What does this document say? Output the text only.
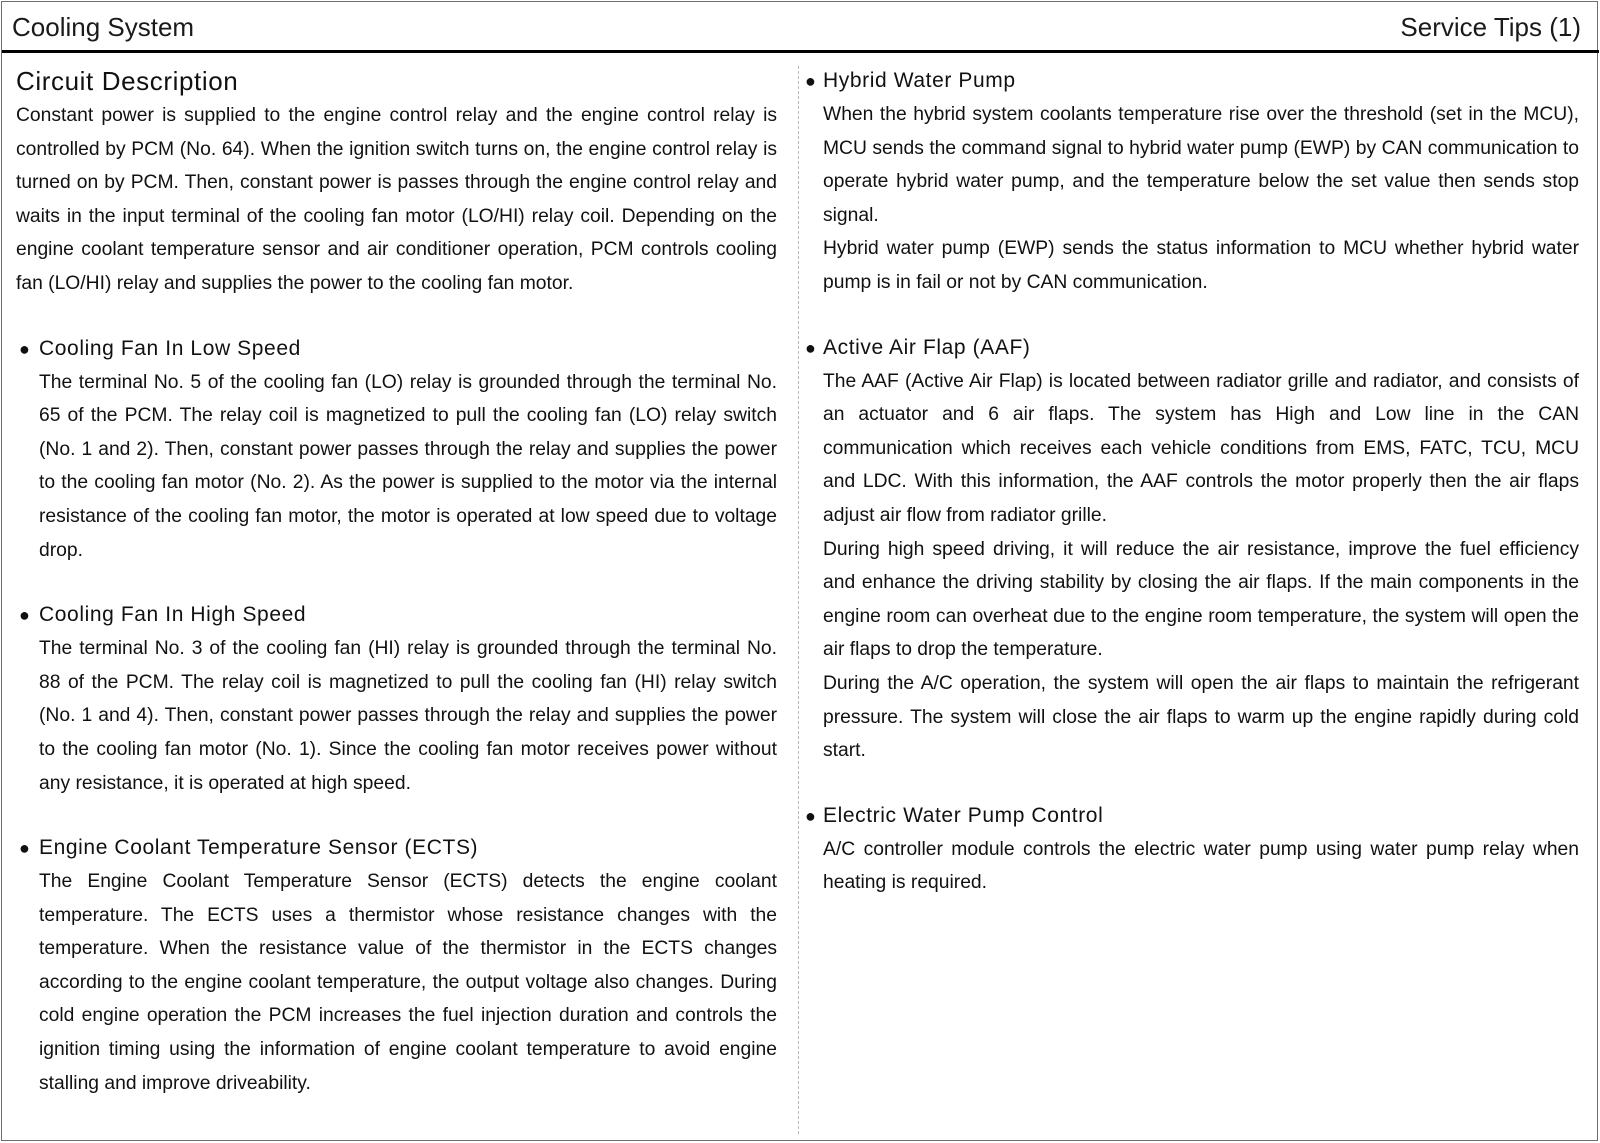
Cooling System	Service Tips (1)
Circuit Description

Constant power is supplied to the engine control relay and the engine control relay is controlled by PCM (No. 64). When the ignition switch turns on, the engine control relay is turned on by PCM. Then, constant power is passes through the engine control relay and waits in the input terminal of the cooling fan motor (LO/HI) relay coil. Depending on the engine coolant temperature sensor and air conditioner operation, PCM controls cooling fan (LO/HI) relay and supplies the power to the cooling fan motor.

● Cooling Fan In Low Speed

The terminal No. 5 of the cooling fan (LO) relay is grounded through the terminal No. 65 of the PCM. The relay coil is magnetized to pull the cooling fan (LO) relay switch (No. 1 and 2). Then, constant power passes through the relay and supplies the power to the cooling fan motor (No. 2). As the power is supplied to the motor via the internal resistance of the cooling fan motor, the motor is operated at low speed due to voltage drop.

● Cooling Fan In High Speed

The terminal No. 3 of the cooling fan (HI) relay is grounded through the terminal No. 88 of the PCM. The relay coil is magnetized to pull the cooling fan (HI) relay switch (No. 1 and 4). Then, constant power passes through the relay and supplies the power to the cooling fan motor (No. 1). Since the cooling fan motor receives power without any resistance, it is operated at high speed.

● Engine Coolant Temperature Sensor (ECTS)

The Engine Coolant Temperature Sensor (ECTS) detects the engine coolant temperature. The ECTS uses a thermistor whose resistance changes with the temperature. When the resistance value of the thermistor in the ECTS changes according to the engine coolant temperature, the output voltage also changes. During cold engine operation the PCM increases the fuel injection duration and controls the ignition timing using the information of engine coolant temperature to avoid engine stalling and improve driveability.

● Hybrid Water Pump

When the hybrid system coolants temperature rise over the threshold (set in the MCU), MCU sends the command signal to hybrid water pump (EWP) by CAN communication to operate hybrid water pump, and the temperature below the set value then sends stop signal.

Hybrid water pump (EWP) sends the status information to MCU whether hybrid water pump is in fail or not by CAN communication.

● Active Air Flap (AAF)

The AAF (Active Air Flap) is located between radiator grille and radiator, and consists of an actuator and 6 air flaps. The system has High and Low line in the CAN communication which receives each vehicle conditions from EMS, FATC, TCU, MCU and LDC. With this information, the AAF controls the motor properly then the air flaps adjust air flow from radiator grille.

During high speed driving, it will reduce the air resistance, improve the fuel efficiency and enhance the driving stability by closing the air flaps. If the main components in the engine room can overheat due to the engine room temperature, the system will open the air flaps to drop the temperature.

During the A/C operation, the system will open the air flaps to maintain the refrigerant pressure. The system will close the air flaps to warm up the engine rapidly during cold start.

● Electric Water Pump Control

A/C controller module controls the electric water pump using water pump relay when heating is required.
